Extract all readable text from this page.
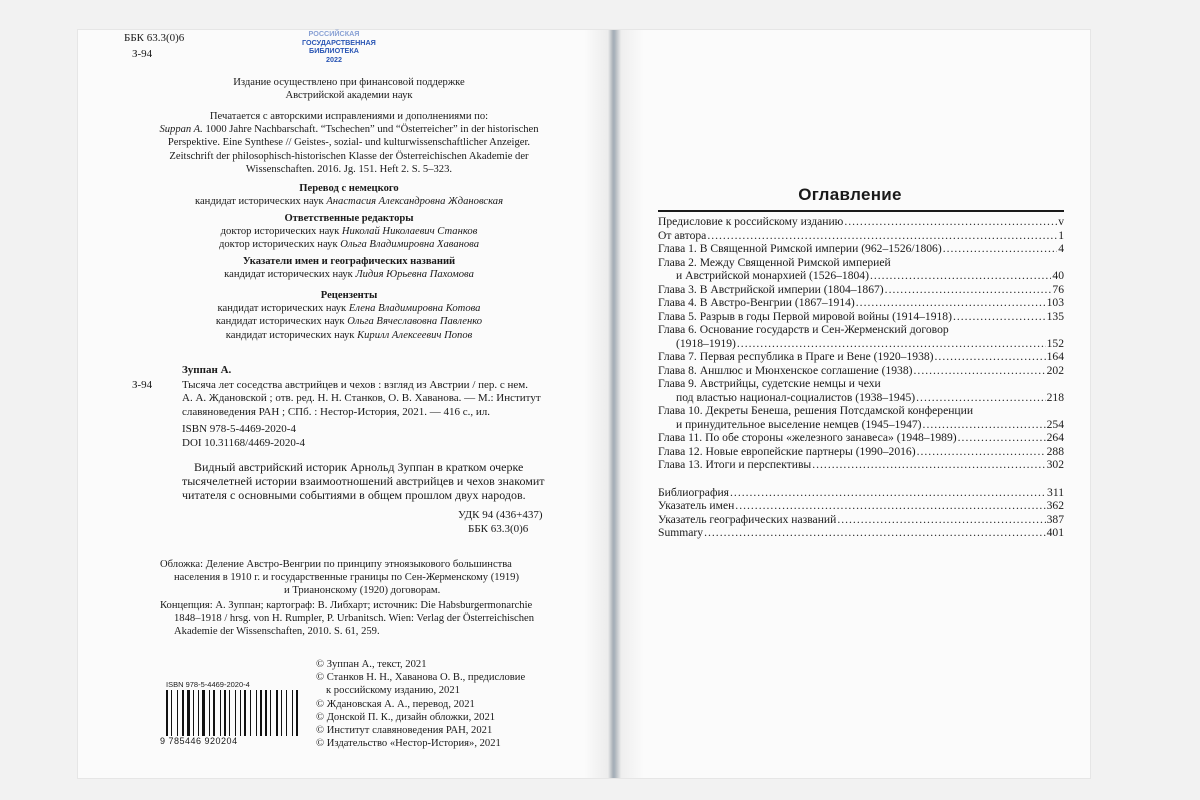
ББК 63.3(0)6
З-94
РОССИЙСКАЯ
ГОСУДАРСТВЕННАЯ
БИБЛИОТЕКА
2022
Издание осуществлено при финансовой поддержке
Австрийской академии наук
Печатается с авторскими исправлениями и дополнениями по:
Suppan A. 1000 Jahre Nachbarschaft. “Tschechen” und “Österreicher” in der historischen
Perspektive. Eine Synthese // Geistes-, sozial- und kulturwissenschaftlicher Anzeiger.
Zeitschrift der philosophisch-historischen Klasse der Österreichischen Akademie der
Wissenschaften. 2016. Jg. 151. Heft 2. S. 5–323.
Перевод с немецкого
кандидат исторических наук Анастасия Александровна Ждановская
Ответственные редакторы
доктор исторических наук Николай Николаевич Станков
доктор исторических наук Ольга Владимировна Хаванова
Указатели имен и географических названий
кандидат исторических наук Лидия Юрьевна Пахомова
Рецензенты
кандидат исторических наук Елена Владимировна Котова
кандидат исторических наук Ольга Вячеславовна Павленко
кандидат исторических наук Кирилл Алексеевич Попов
Зуппан А.
З-94	Тысяча лет соседства австрийцев и чехов : взгляд из Австрии / пер. с нем.
А. А. Ждановской ; отв. ред. Н. Н. Станков, О. В. Хаванова. — М.: Институт
славяноведения РАН ; СПб. : Нестор-История, 2021. — 416 с., ил.
ISBN 978-5-4469-2020-4
DOI 10.31168/4469-2020-4
Видный австрийский историк Арнольд Зуппан в кратком очерке
тысячелетней истории взаимоотношений австрийцев и чехов знакомит
читателя с основными событиями в общем прошлом двух народов.
УДК 94 (436+437)
ББК 63.3(0)6
Обложка: Деление Австро-Венгрии по принципу этноязыкового большинства
населения в 1910 г. и государственные границы по Сен-Жерменскому (1919)
и Трианонскому (1920) договорам.
Концепция: А. Зуппан; картограф: В. Либхарт; источник: Die Habsburgermonarchie
1848–1918 / hrsg. von H. Rumpler, P. Urbanitsch. Wien: Verlag der Österreichischen
Akademie der Wissenschaften, 2010. S. 61, 259.
ISBN 978-5-4469-2020-4
9 785446 920204
© Зуппан А., текст, 2021
© Станков Н. Н., Хаванова О. В., предисловие
к российскому изданию, 2021
© Ждановская А. А., перевод, 2021
© Донской П. К., дизайн обложки, 2021
© Институт славяноведения РАН, 2021
© Издательство «Нестор-История», 2021
Оглавление
Предисловие к российскому изданию .....	v
От автора .....	1
Глава 1. В Священной Римской империи (962–1526/1806) .....	4
Глава 2. Между Священной Римской империей
и Австрийской монархией (1526–1804) .....	40
Глава 3. В Австрийской империи (1804–1867) .....	76
Глава 4. В Австро-Венгрии (1867–1914) .....	103
Глава 5. Разрыв в годы Первой мировой войны (1914–1918) .....	135
Глава 6. Основание государств и Сен-Жерменский договор
(1918–1919) .....	152
Глава 7. Первая республика в Праге и Вене (1920–1938) .....	164
Глава 8. Аншлюс и Мюнхенское соглашение (1938) .....	202
Глава 9. Австрийцы, судетские немцы и чехи
под властью национал-социалистов (1938–1945) .....	218
Глава 10. Декреты Бенеша, решения Потсдамской конференции
и принудительное выселение немцев (1945–1947) .....	254
Глава 11. По обе стороны «железного занавеса» (1948–1989) .....	264
Глава 12. Новые европейские партнеры (1990–2016) .....	288
Глава 13. Итоги и перспективы .....	302
Библиография .....	311
Указатель имен .....	362
Указатель географических названий .....	387
Summary .....	401
